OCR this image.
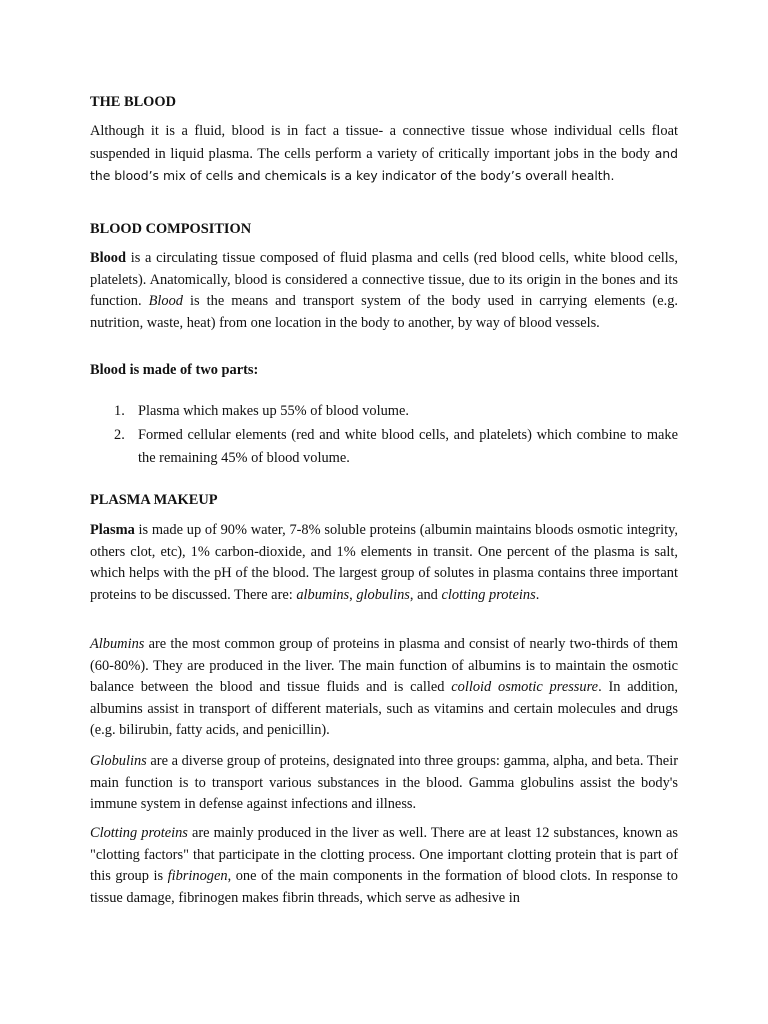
THE BLOOD

Although it is a fluid, blood is in fact a tissue- a connective tissue whose individual cells float suspended in liquid plasma. The cells perform a variety of critically important jobs in the body and the blood’s mix of cells and chemicals is a key indicator of the body’s overall health.

BLOOD COMPOSITION

Blood is a circulating tissue composed of fluid plasma and cells (red blood cells, white blood cells, platelets). Anatomically, blood is considered a connective tissue, due to its origin in the bones and its function. Blood is the means and transport system of the body used in carrying elements (e.g. nutrition, waste, heat) from one location in the body to another, by way of blood vessels.

Blood is made of two parts:
1. Plasma which makes up 55% of blood volume.
2. Formed cellular elements (red and white blood cells, and platelets) which combine to make the remaining 45% of blood volume.
PLASMA MAKEUP

Plasma is made up of 90% water, 7-8% soluble proteins (albumin maintains bloods osmotic integrity, others clot, etc), 1% carbon-dioxide, and 1% elements in transit. One percent of the plasma is salt, which helps with the pH of the blood. The largest group of solutes in plasma contains three important proteins to be discussed. There are: albumins, globulins, and clotting proteins.

Albumins are the most common group of proteins in plasma and consist of nearly two-thirds of them (60-80%). They are produced in the liver. The main function of albumins is to maintain the osmotic balance between the blood and tissue fluids and is called colloid osmotic pressure. In addition, albumins assist in transport of different materials, such as vitamins and certain molecules and drugs (e.g. bilirubin, fatty acids, and penicillin).

Globulins are a diverse group of proteins, designated into three groups: gamma, alpha, and beta. Their main function is to transport various substances in the blood. Gamma globulins assist the body's immune system in defense against infections and illness.

Clotting proteins are mainly produced in the liver as well. There are at least 12 substances, known as "clotting factors" that participate in the clotting process. One important clotting protein that is part of this group is fibrinogen, one of the main components in the formation of blood clots. In response to tissue damage, fibrinogen makes fibrin threads, which serve as adhesive in
